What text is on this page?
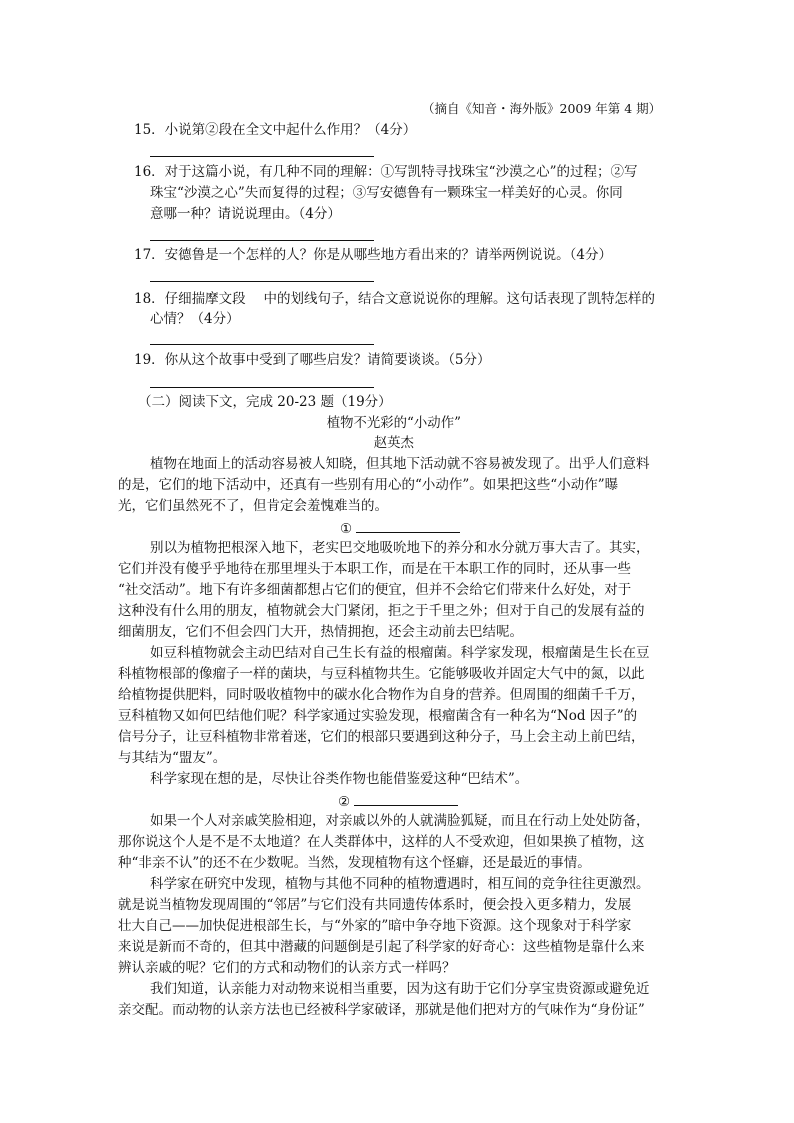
（摘自《知音・海外版》2009 年第 4 期）
15．小说第②段在全文中起什么作用？（4分）
16．对于这篇小说，有几种不同的理解：①写凯特寻找珠宝“沙漠之心”的过程；②写
珠宝“沙漠之心”失而复得的过程；③写安德鲁有一颗珠宝一样美好的心灵。你同
意哪一种？请说说理由。（4分）
17．安德鲁是一个怎样的人？你是从哪些地方看出来的？请举两例说说。（4分）
18．仔细揣摩文段　 中的划线句子，结合文意说说你的理解。这句话表现了凯特怎样的
心情？（4分）
19．你从这个故事中受到了哪些启发？请简要谈谈。（5分）
（二）阅读下文，完成 20-23 题（19分）
植物不光彩的“小动作”
赵英杰
植物在地面上的活动容易被人知晓，但其地下活动就不容易被发现了。出乎人们意料
的是，它们的地下活动中，还真有一些别有用心的“小动作”。如果把这些“小动作”曝
光，它们虽然死不了，但肯定会羞愧难当的。
①
别以为植物把根深入地下，老实巴交地吸吮地下的养分和水分就万事大吉了。其实，
它们并没有傻乎乎地待在那里埋头于本职工作，而是在干本职工作的同时，还从事一些
“社交活动”。地下有许多细菌都想占它们的便宜，但并不会给它们带来什么好处，对于
这种没有什么用的朋友，植物就会大门紧闭，拒之于千里之外；但对于自己的发展有益的
细菌朋友，它们不但会四门大开，热情拥抱，还会主动前去巴结呢。
如豆科植物就会主动巴结对自己生长有益的根瘤菌。科学家发现，根瘤菌是生长在豆
科植物根部的像瘤子一样的菌块，与豆科植物共生。它能够吸收并固定大气中的氮，以此
给植物提供肥料，同时吸收植物中的碳水化合物作为自身的营养。但周围的细菌千千万，
豆科植物又如何巴结他们呢？科学家通过实验发现，根瘤菌含有一种名为“Nod 因子”的
信号分子，让豆科植物非常着迷，它们的根部只要遇到这种分子，马上会主动上前巴结，
与其结为“盟友”。
科学家现在想的是，尽快让谷类作物也能借鉴爱这种“巴结术”。
②
如果一个人对亲戚笑脸相迎，对亲戚以外的人就满脸狐疑，而且在行动上处处防备，
那你说这个人是不是不太地道？在人类群体中，这样的人不受欢迎，但如果换了植物，这
种“非亲不认”的还不在少数呢。当然，发现植物有这个怪癖，还是最近的事情。
科学家在研究中发现，植物与其他不同种的植物遭遇时，相互间的竞争往往更激烈。
就是说当植物发现周围的“邻居”与它们没有共同遗传体系时，便会投入更多精力，发展
壮大自己——加快促进根部生长，与“外家的”暗中争夺地下资源。这个现象对于科学家
来说是新而不奇的，但其中潜藏的问题倒是引起了科学家的好奇心：这些植物是靠什么来
辨认亲戚的呢？它们的方式和动物们的认亲方式一样吗？
我们知道，认亲能力对动物来说相当重要，因为这有助于它们分享宝贵资源或避免近
亲交配。而动物的认亲方法也已经被科学家破译，那就是他们把对方的气味作为“身份证”
